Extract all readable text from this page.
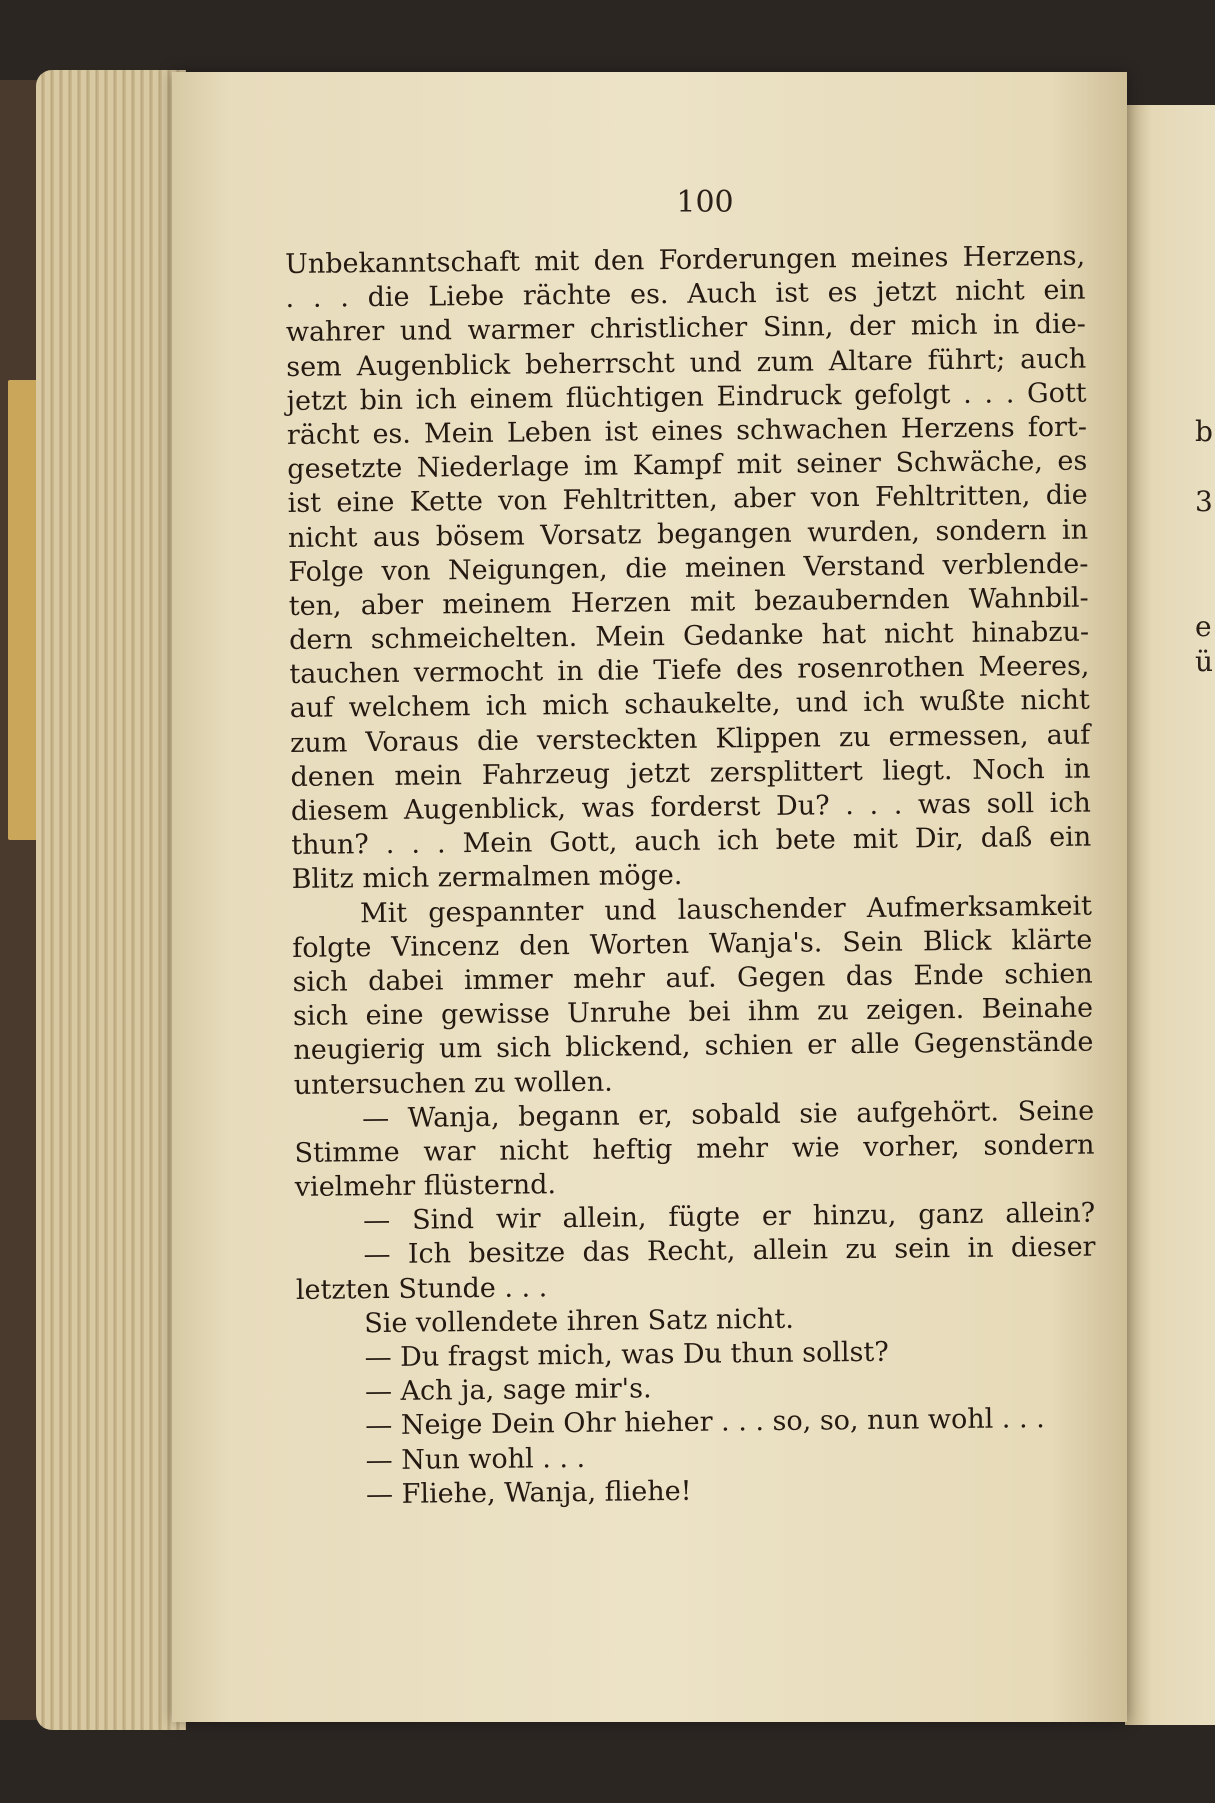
b
3
e
ü
100
Unbekanntschaft mit den Forderungen meines Herzens,
. . . die Liebe rächte es. Auch ist es jetzt nicht ein
wahrer und warmer christlicher Sinn, der mich in die-
sem Augenblick beherrscht und zum Altare führt; auch
jetzt bin ich einem flüchtigen Eindruck gefolgt . . . Gott
rächt es. Mein Leben ist eines schwachen Herzens fort-
gesetzte Niederlage im Kampf mit seiner Schwäche, es
ist eine Kette von Fehltritten, aber von Fehltritten, die
nicht aus bösem Vorsatz begangen wurden, sondern in
Folge von Neigungen, die meinen Verstand verblende-
ten, aber meinem Herzen mit bezaubernden Wahnbil-
dern schmeichelten. Mein Gedanke hat nicht hinabzu-
tauchen vermocht in die Tiefe des rosenrothen Meeres,
auf welchem ich mich schaukelte, und ich wußte nicht
zum Voraus die versteckten Klippen zu ermessen, auf
denen mein Fahrzeug jetzt zersplittert liegt. Noch in
diesem Augenblick, was forderst Du? . . . was soll ich
thun? . . . Mein Gott, auch ich bete mit Dir, daß ein
Blitz mich zermalmen möge.
Mit gespannter und lauschender Aufmerksamkeit
folgte Vincenz den Worten Wanja's. Sein Blick klärte
sich dabei immer mehr auf. Gegen das Ende schien
sich eine gewisse Unruhe bei ihm zu zeigen. Beinahe
neugierig um sich blickend, schien er alle Gegenstände
untersuchen zu wollen.
— Wanja, begann er, sobald sie aufgehört. Seine
Stimme war nicht heftig mehr wie vorher, sondern
vielmehr flüsternd.
— Sind wir allein, fügte er hinzu, ganz allein?
— Ich besitze das Recht, allein zu sein in dieser
letzten Stunde . . .
Sie vollendete ihren Satz nicht.
— Du fragst mich, was Du thun sollst?
— Ach ja, sage mir's.
— Neige Dein Ohr hieher . . . so, so, nun wohl . . .
— Nun wohl . . .
— Fliehe, Wanja, fliehe!
